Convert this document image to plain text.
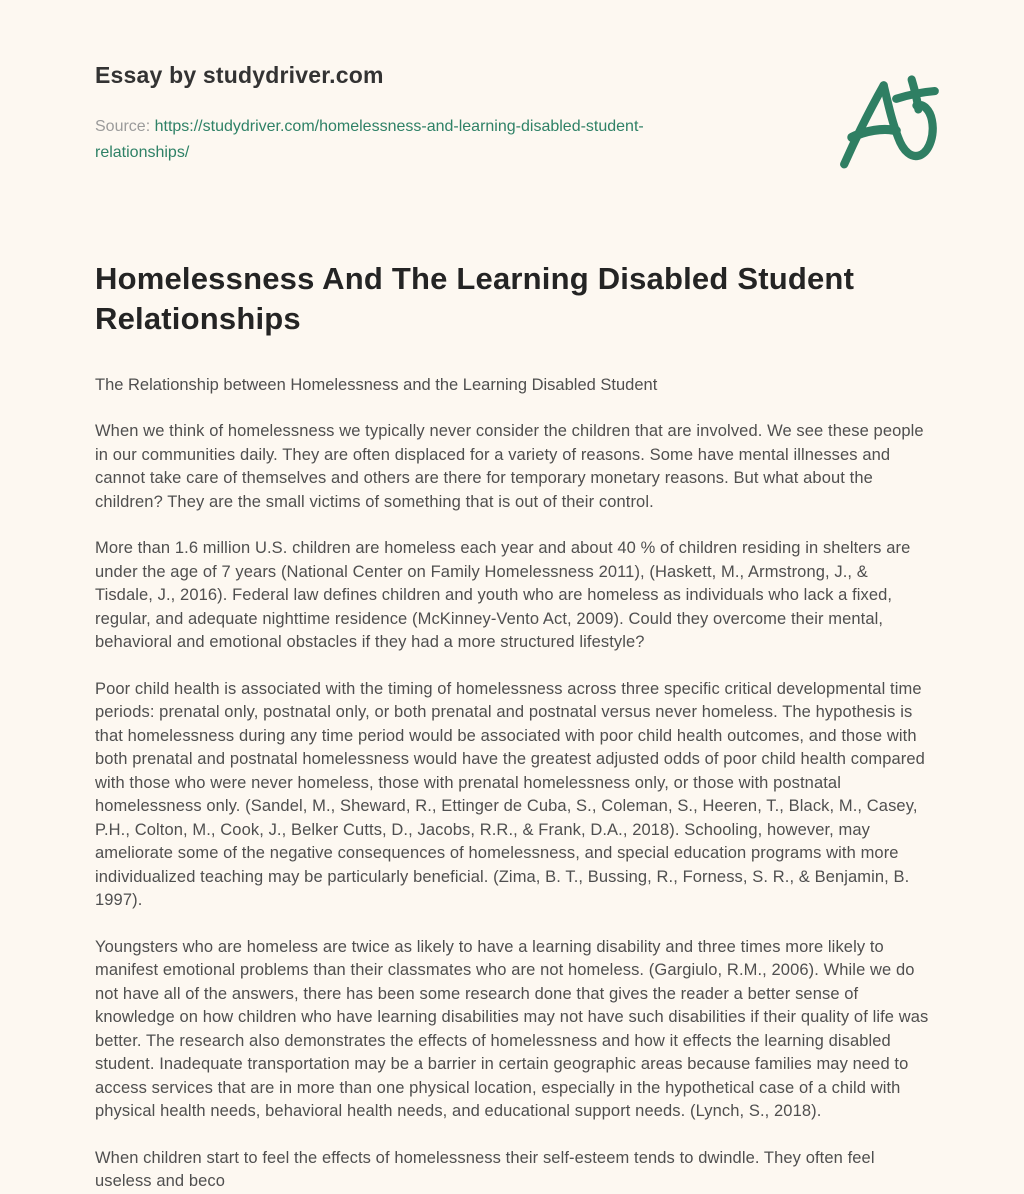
Essay by studydriver.com
Source: https://studydriver.com/homelessness-and-learning-disabled-student-relationships/
Homelessness And The Learning Disabled Student Relationships
The Relationship between Homelessness and the Learning Disabled Student

When we think of homelessness we typically never consider the children that are involved. We see these people in our communities daily. They are often displaced for a variety of reasons. Some have mental illnesses and cannot take care of themselves and others are there for temporary monetary reasons. But what about the children? They are the small victims of something that is out of their control.

More than 1.6 million U.S. children are homeless each year and about 40 % of children residing in shelters are under the age of 7 years (National Center on Family Homelessness 2011), (Haskett, M., Armstrong, J., & Tisdale, J., 2016). Federal law defines children and youth who are homeless as individuals who lack a fixed, regular, and adequate nighttime residence (McKinney-Vento Act, 2009). Could they overcome their mental, behavioral and emotional obstacles if they had a more structured lifestyle?

Poor child health is associated with the timing of homelessness across three specific critical developmental time periods: prenatal only, postnatal only, or both prenatal and postnatal versus never homeless. The hypothesis is that homelessness during any time period would be associated with poor child health outcomes, and those with both prenatal and postnatal homelessness would have the greatest adjusted odds of poor child health compared with those who were never homeless, those with prenatal homelessness only, or those with postnatal homelessness only. (Sandel, M., Sheward, R., Ettinger de Cuba, S., Coleman, S., Heeren, T., Black, M., Casey, P.H., Colton, M., Cook, J., Belker Cutts, D., Jacobs, R.R., & Frank, D.A., 2018). Schooling, however, may ameliorate some of the negative consequences of homelessness, and special education programs with more individualized teaching may be particularly beneficial. (Zima, B. T., Bussing, R., Forness, S. R., & Benjamin, B. 1997).

Youngsters who are homeless are twice as likely to have a learning disability and three times more likely to manifest emotional problems than their classmates who are not homeless. (Gargiulo, R.M., 2006). While we do not have all of the answers, there has been some research done that gives the reader a better sense of knowledge on how children who have learning disabilities may not have such disabilities if their quality of life was better. The research also demonstrates the effects of homelessness and how it effects the learning disabled student. Inadequate transportation may be a barrier in certain geographic areas because families may need to access services that are in more than one physical location, especially in the hypothetical case of a child with physical health needs, behavioral health needs, and educational support needs. (Lynch, S., 2018).

When children start to feel the effects of homelessness their self-esteem tends to dwindle. They often feel useless and beco
